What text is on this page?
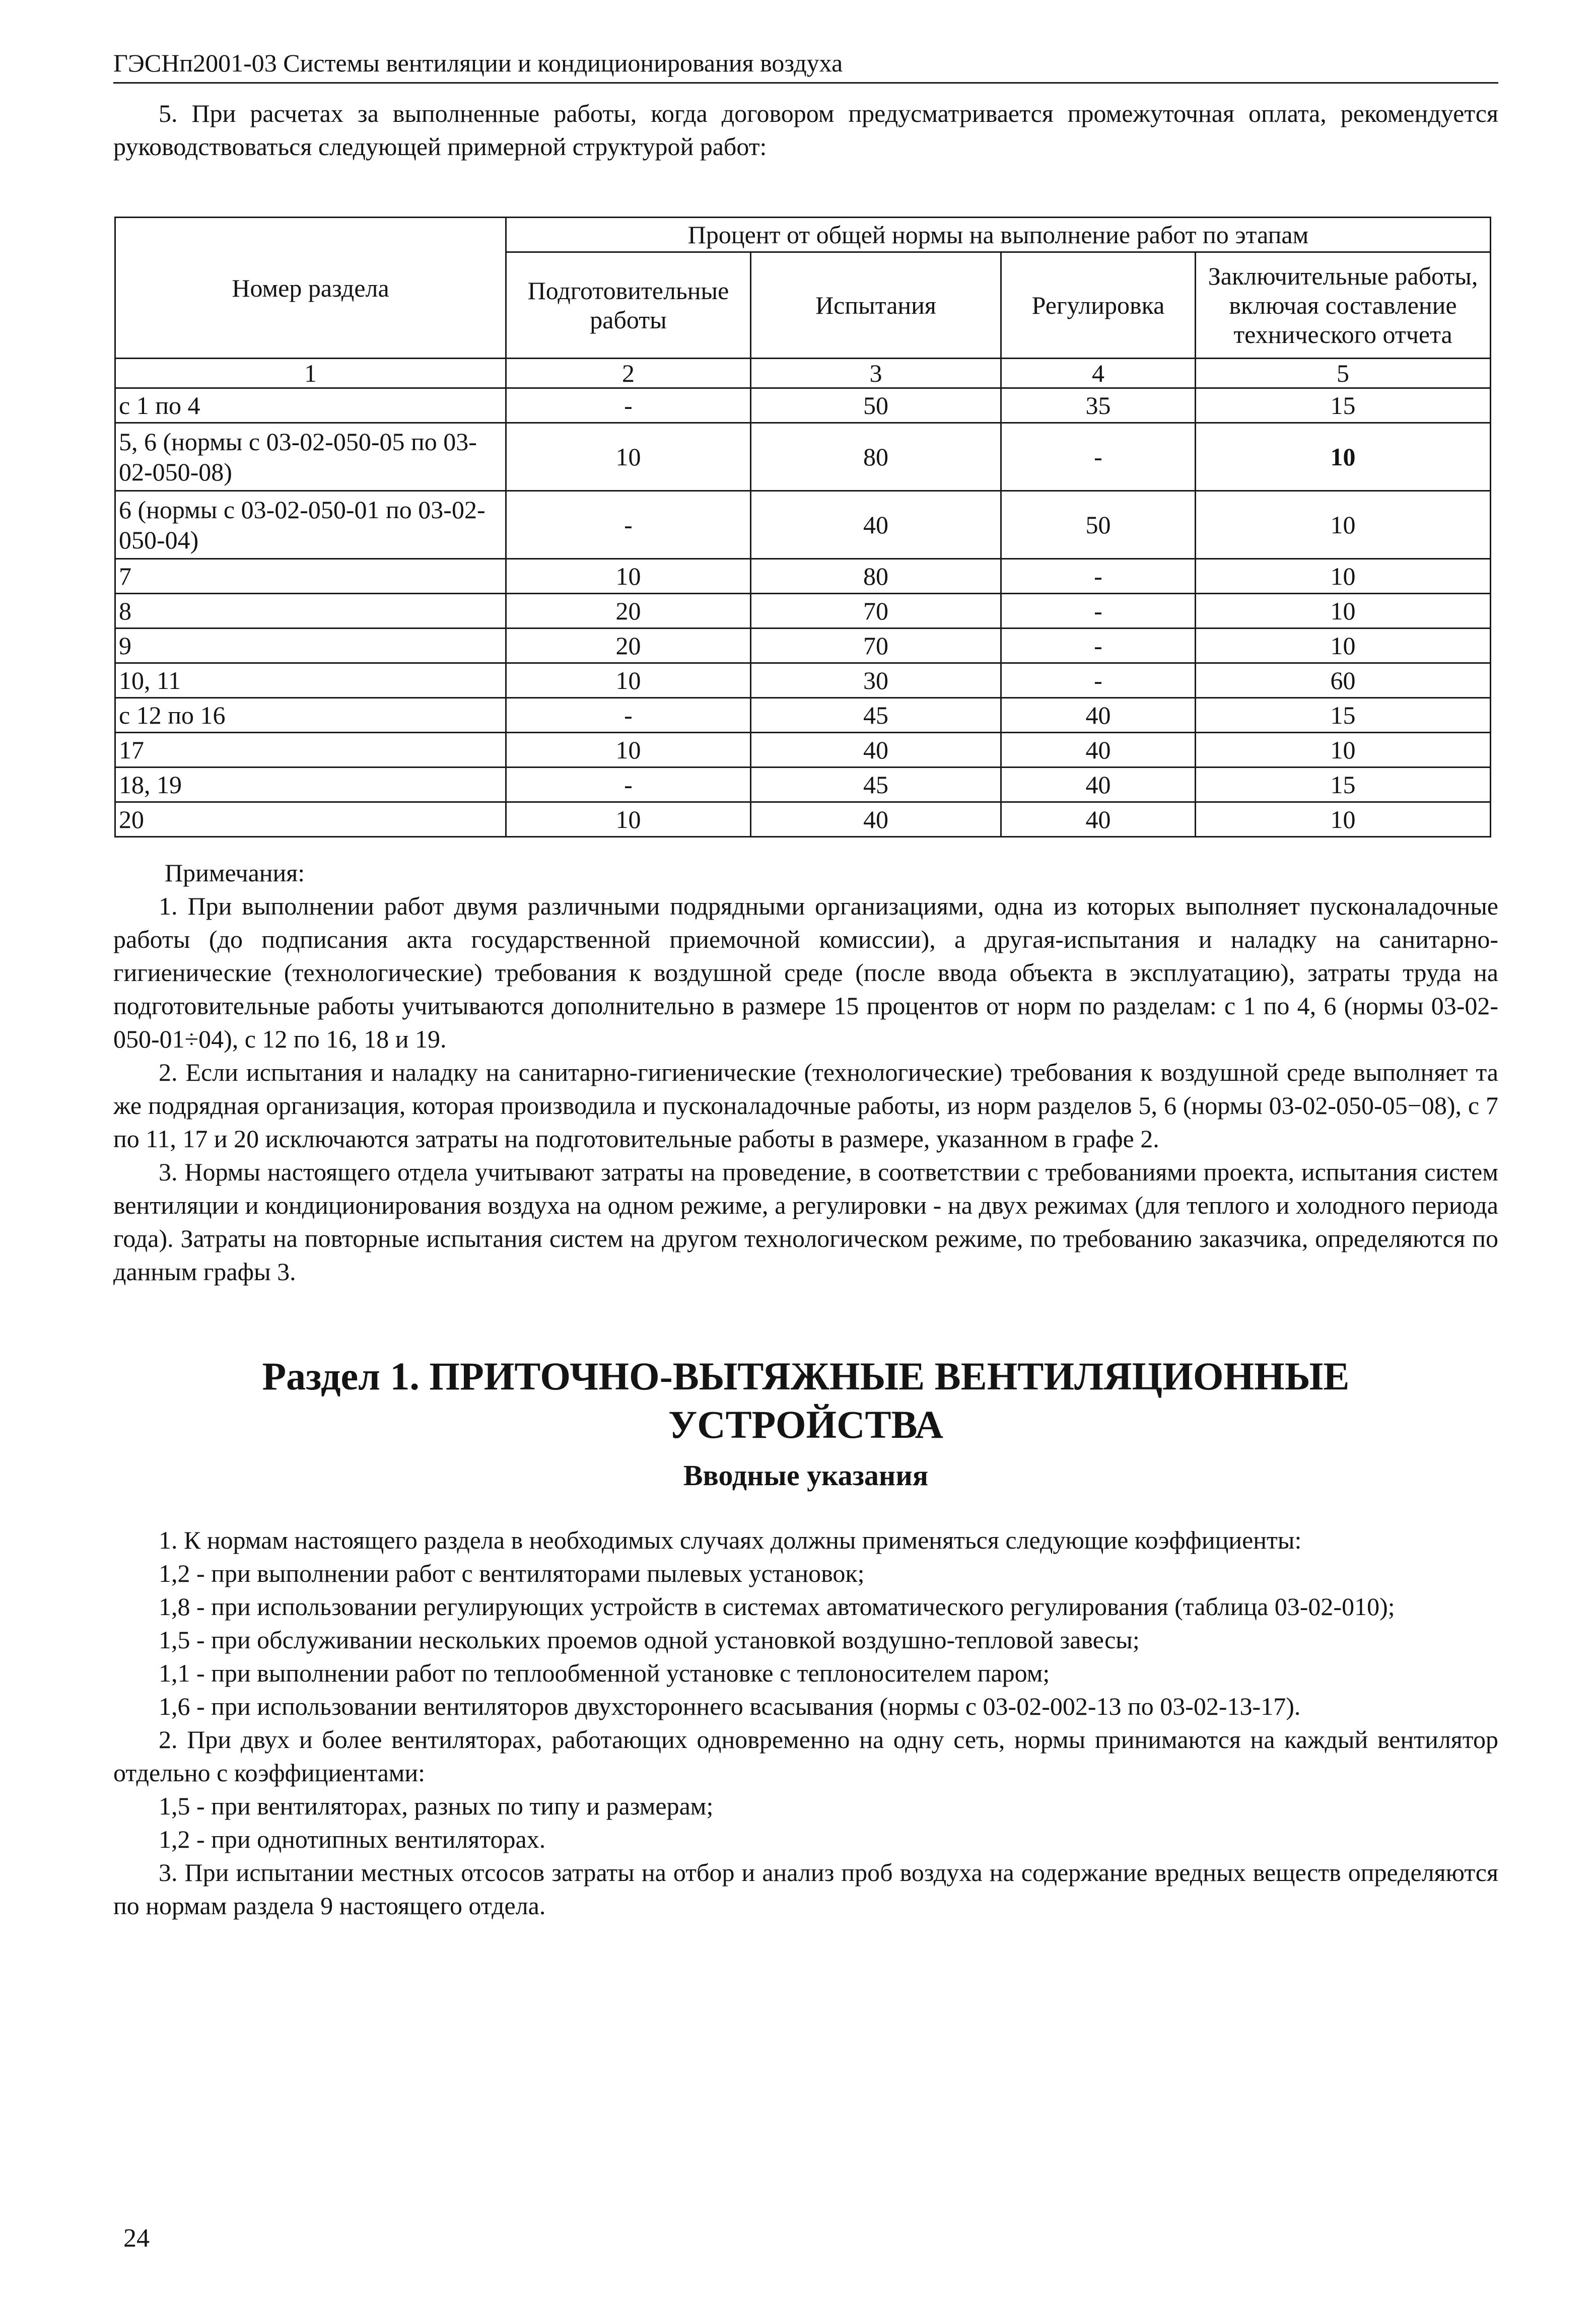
ГЭСНп2001-03 Системы вентиляции и кондиционирования воздуха

5. При расчетах за выполненные работы, когда договором предусматривается промежуточная оплата, рекомендуется руководствоваться следующей примерной структурой работ:

Номер раздела	Процент от общей нормы на выполнение работ по этапам			
	Подготовительные работы	Испытания	Регулировка	Заключительные работы, включая составление технического отчета
1	2	3	4	5
с 1 по 4	-	50	35	15
5, 6 (нормы с 03-02-050-05 по 03-02-050-08)	10	80	-	10
6 (нормы с 03-02-050-01 по 03-02-050-04)	-	40	50	10
7	10	80	-	10
8	20	70	-	10
9	20	70	-	10
10, 11	10	30	-	60
с 12 по 16	-	45	40	15
17	10	40	40	10
18, 19	-	45	40	15
20	10	40	40	10
Примечания:

1. При выполнении работ двумя различными подрядными организациями, одна из которых выполняет пусконаладочные работы (до подписания акта государственной приемочной комиссии), а другая-испытания и наладку на санитарно-гигиенические (технологические) требования к воздушной среде (после ввода объекта в эксплуатацию), затраты труда на подготовительные работы учитываются дополнительно в размере 15 процентов от норм по разделам: с 1 по 4, 6 (нормы 03-02-050-01÷04), с 12 по 16, 18 и 19.

2. Если испытания и наладку на санитарно-гигиенические (технологические) требования к воздушной среде выполняет та же подрядная организация, которая производила и пусконаладочные работы, из норм разделов 5, 6 (нормы 03-02-050-05−08), с 7 по 11, 17 и 20 исключаются затраты на подготовительные работы в размере, указанном в графе 2.

3. Нормы настоящего отдела учитывают затраты на проведение, в соответствии с требованиями проекта, испытания систем вентиляции и кондиционирования воздуха на одном режиме, а регулировки - на двух режимах (для теплого и холодного периода года). Затраты на повторные испытания систем на другом технологическом режиме, по требованию заказчика, определяются по данным графы 3.

Раздел 1. ПРИТОЧНО-ВЫТЯЖНЫЕ ВЕНТИЛЯЦИОННЫЕ
УСТРОЙСТВА
Вводные указания

1. К нормам настоящего раздела в необходимых случаях должны применяться следующие коэффициенты:

1,2 - при выполнении работ с вентиляторами пылевых установок;

1,8 - при использовании регулирующих устройств в системах автоматического регулирования (таблица 03-02-010);

1,5 - при обслуживании нескольких проемов одной установкой воздушно-тепловой завесы;

1,1 - при выполнении работ по теплообменной установке с теплоносителем паром;

1,6 - при использовании вентиляторов двухстороннего всасывания (нормы с 03-02-002-13 по 03-02-13-17).

2. При двух и более вентиляторах, работающих одновременно на одну сеть, нормы принимаются на каждый вентилятор отдельно с коэффициентами:

1,5 - при вентиляторах, разных по типу и размерам;

1,2 - при однотипных вентиляторах.

3. При испытании местных отсосов затраты на отбор и анализ проб воздуха на содержание вредных веществ определяются по нормам раздела 9 настоящего отдела.

24
